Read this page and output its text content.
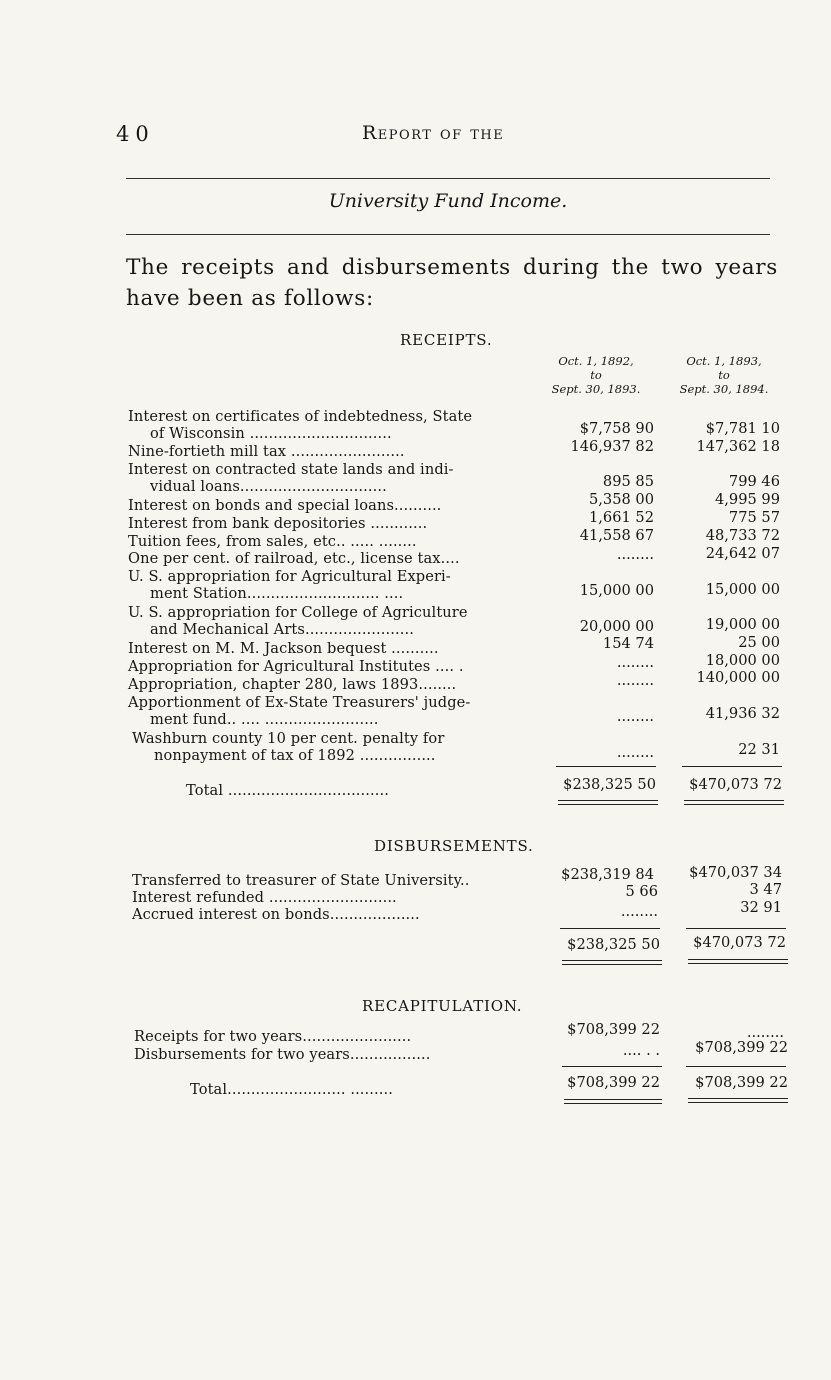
40	Report of the
University Fund Income.
The receipts and disbursements during the two years have been as follows:
RECEIPTS.
Oct. 1, 1892,
to
Sept. 30, 1893.
Oct. 1, 1893,
to
Sept. 30, 1894.
Interest on certificates of indebtedness, State
of Wisconsin ..............................	$7,758 90	$7,781 10
Nine-fortieth mill tax ........................	146,937 82	147,362 18
Interest on contracted state lands and indi-
vidual loans...............................	895 85	799 46
Interest on bonds and special loans..........	5,358 00	4,995 99
Interest from bank depositories ............	1,661 52	775 57
Tuition fees, from sales, etc.. ..... ........	41,558 67	48,733 72
One per cent. of railroad, etc., license tax....	........	24,642 07
U. S. appropriation for Agricultural Experi-
ment Station............................ ....	15,000 00	15,000 00
U. S. appropriation for College of Agriculture
and Mechanical Arts.......................	20,000 00	19,000 00
Interest on M. M. Jackson bequest ..........	154 74	25 00
Appropriation for Agricultural Institutes .... .	........	18,000 00
Appropriation, chapter 280, laws 1893........	........	140,000 00
Apportionment of Ex-State Treasurers' judge-
ment fund.. .... ........................	........	41,936 32
Washburn county 10 per cent. penalty for
nonpayment of tax of 1892 ................	........	22 31
Total ..................................	$238,325 50	$470,073 72
DISBURSEMENTS.
Transferred to treasurer of State University..	$238,319 84	$470,037 34
Interest refunded ...........................	5 66	3 47
Accrued interest on bonds...................	........	32 91
$238,325 50	$470,073 72
RECAPITULATION.
Receipts for two years.......................	$708,399 22	........
Disbursements for two years.................	.... . .	$708,399 22
Total......................... .........	$708,399 22	$708,399 22
